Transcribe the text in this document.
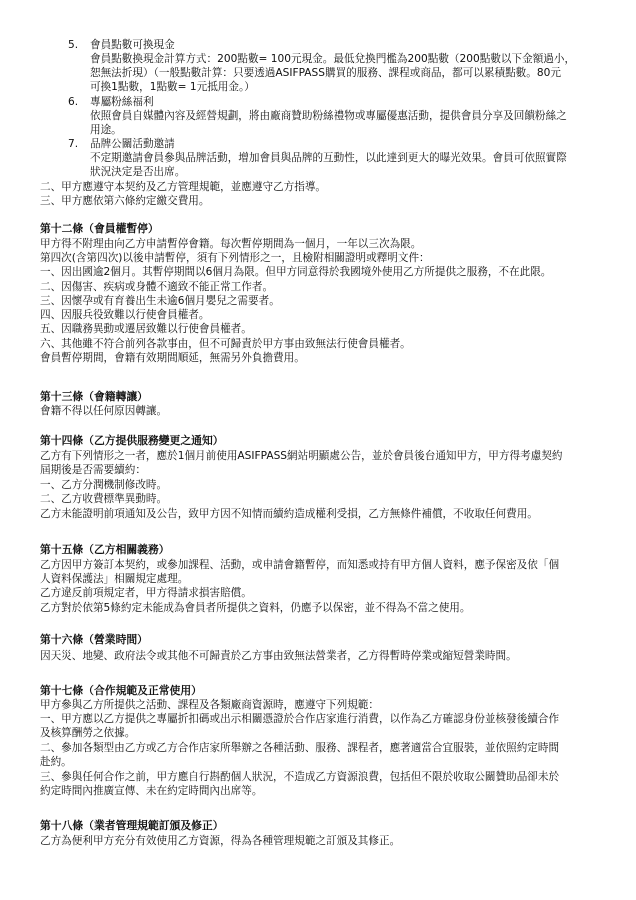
5. 會員點數可換現金
會員點數換現金計算方式：200點數= 100元現金。最低兌換門檻為200點數（200點數以下金額過小，
恕無法折現）（一般點數計算：只要透過ASIFPASS購買的服務、課程或商品，都可以累積點數。80元
可換1點數，1點數= 1元抵用金。）
6. 專屬粉絲福利
依照會員自媒體內容及經營規劃，將由廠商贊助粉絲禮物或專屬優惠活動，提供會員分享及回饋粉絲之
用途。
7. 品牌公關活動邀請
不定期邀請會員參與品牌活動，增加會員與品牌的互動性，以此達到更大的曝光效果。會員可依照實際
狀況決定是否出席。
二、甲方應遵守本契約及乙方管理規範，並應遵守乙方指導。
三、甲方應依第六條約定繳交費用。
第十二條（會員權暫停）
甲方得不附理由向乙方申請暫停會籍。每次暫停期間為一個月，一年以三次為限。
第四次(含第四次)以後申請暫停，須有下列情形之一，且檢附相關證明或釋明文件：
一、因出國逾2個月。其暫停期間以6個月為限。但甲方同意得於我國境外使用乙方所提供之服務，不在此限。
二、因傷害、疾病或身體不適致不能正常工作者。
三、因懷孕或有育養出生未逾6個月嬰兒之需要者。
四、因服兵役致難以行使會員權者。
五、因職務異動或遷居致難以行使會員權者。
六、其他雖不符合前列各款事由，但不可歸責於甲方事由致無法行使會員權者。
會員暫停期間，會籍有效期間順延，無需另外負擔費用。
第十三條（會籍轉讓）
會籍不得以任何原因轉讓。
第十四條（乙方提供服務變更之通知）
乙方有下列情形之一者，應於1個月前使用ASIFPASS網站明顯處公告，並於會員後台通知甲方，甲方得考慮契約
屆期後是否需要續約：
一、乙方分潤機制修改時。
二、乙方收費標準異動時。
乙方未能證明前項通知及公告，致甲方因不知情而續約造成權利受損，乙方無條件補償，不收取任何費用。
第十五條（乙方相關義務）
乙方因甲方簽訂本契約，或參加課程、活動，或申請會籍暫停，而知悉或持有甲方個人資料，應予保密及依「個
人資料保護法」相關規定處理。
乙方違反前項規定者，甲方得請求損害賠償。
乙方對於依第5條約定未能成為會員者所提供之資料，仍應予以保密，並不得為不當之使用。
第十六條（營業時間）
因天災、地變、政府法令或其他不可歸責於乙方事由致無法營業者，乙方得暫時停業或縮短營業時間。
第十七條（合作規範及正常使用）
甲方參與乙方所提供之活動、課程及各類廠商資源時，應遵守下列規範：
一、甲方應以乙方提供之專屬折扣碼或出示相關憑證於合作店家進行消費，以作為乙方確認身份並核發後續合作
及核算酬勞之依據。
二、參加各類型由乙方或乙方合作店家所舉辦之各種活動、服務、課程者，應著適當合宜服裝，並依照約定時間
赴約。
三、參與任何合作之前，甲方應自行斟酌個人狀況，不造成乙方資源浪費，包括但不限於收取公關贊助品卻未於
約定時間內推廣宣傳、未在約定時間內出席等。
第十八條（業者管理規範訂頒及修正）
乙方為便利甲方充分有效使用乙方資源，得為各種管理規範之訂頒及其修正。
